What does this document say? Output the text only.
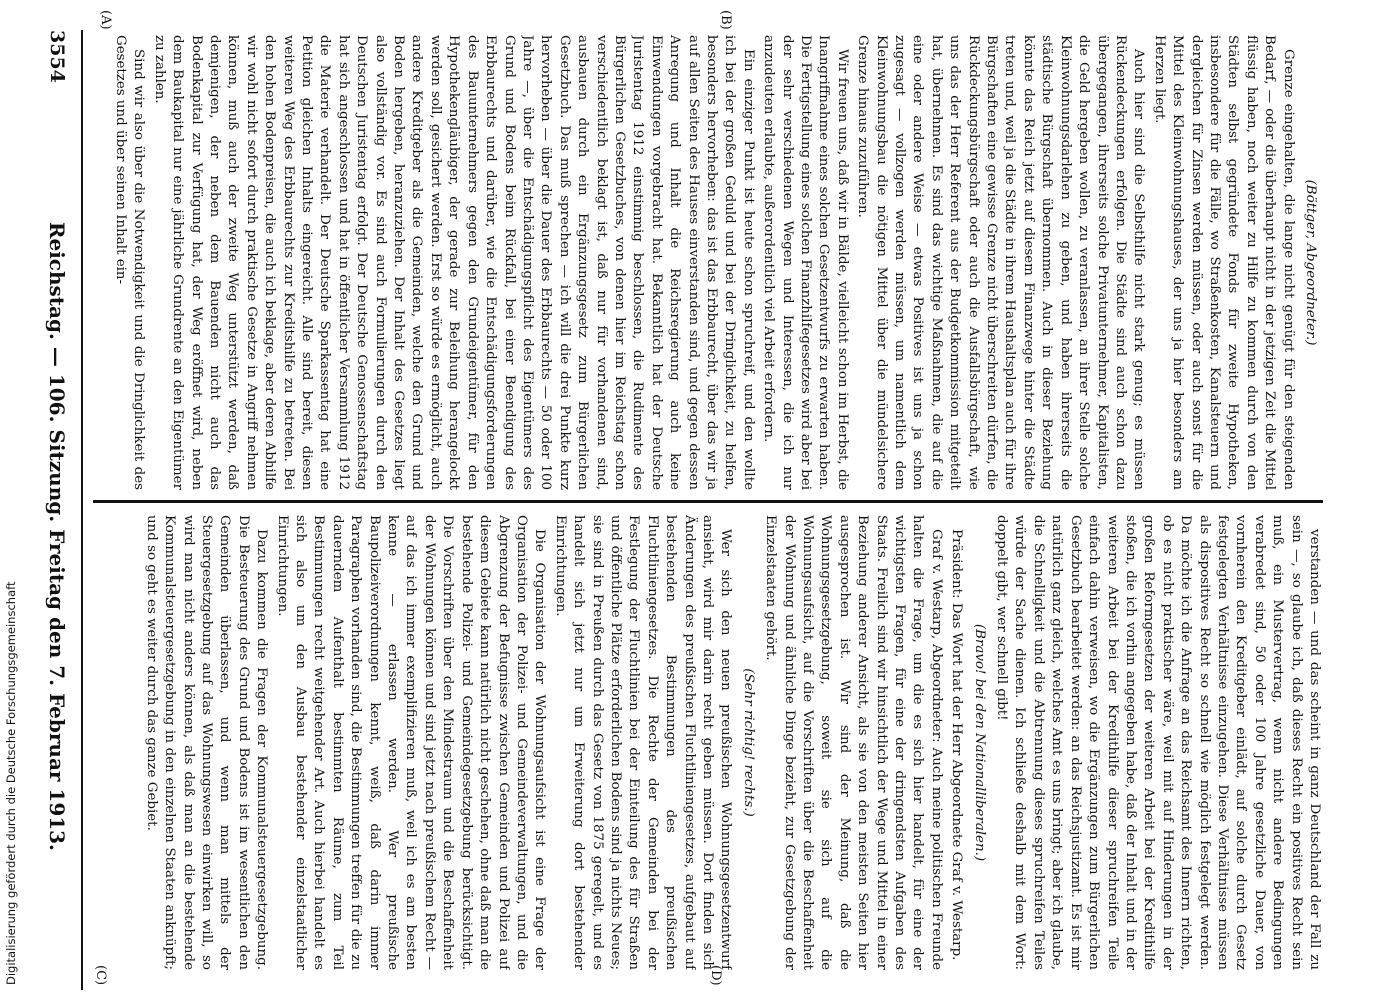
3554
Reichstag. — 106. Sitzung. Freitag den 7. Februar 1913.
(A)	(B)
(C)	(D)

(Böttger, Abgeordneter.)

Grenze eingehalten, die lange nicht genügt für den steigenden Bedarf, — oder die überhaupt nicht in der jetzigen Zeit die Mittel flüssig haben, noch weiter zu Hilfe zu kommen durch von den Städten selbst gegründete Fonds für zweite Hypotheken, insbesondere für die Fälle, wo Straßenkosten, Kanalsteuern und dergleichen für Zinsen werden müssen, oder auch sonst für die Mittel des Kleinwohnungshauses, der uns ja hier besonders am Herzen liegt.

Auch hier sind die Selbsthilfe nicht stark genug; es müssen Rückendeckungen erfolgen. Die Städte sind auch schon dazu übergegangen, ihrerseits solche Privatunternehmer, Kapitalisten, die Geld hergeben wollen, zu veranlassen, an ihrer Stelle solche Kleinwohnungsdarlehen zu geben, und haben ihrerseits die städtische Bürgschaft übernommen. Auch in dieser Beziehung könnte das Reich jetzt auf diesem Finanzwege hinter die Städte treten und, weil ja die Städte in ihrem Haushaltsplan auch für ihre Bürgschaften eine gewisse Grenze nicht überschreiten dürfen, die Rückdeckungsbürgschaft oder auch die Ausfallsbürgschaft, wie uns das der Herr Referent aus der Budgetkommission mitgeteilt hat, übernehmen. Es sind das wichtige Maßnahmen, die auf die eine oder andere Weise — etwas Positives ist uns ja schon zugesagt — vollzogen werden müssen, um namentlich dem Kleinwohnungsbau die nötigen Mittel über die mündelsichere Grenze hinaus zuzuführen.

Wir freuen uns, daß wir in Bälde, vielleicht schon im Herbst, die Inangriffnahme eines solchen Gesetzentwurfs zu erwarten haben. Die Fertigstellung eines solchen Finanzhilfegesetzes wird aber bei der sehr verschiedenen Wegen und Interessen, die ich nur anzudeuten erlaubte, außerordentlich viel Arbeit erfordern.

Ein einziger Punkt ist heute schon spruchreif, und den wollte ich bei der großen Geduld und bei der Dringlichkeit, zu helfen, besonders hervorheben: das ist das Erbbaurecht, über das wir ja auf allen Seiten des Hauses einverstanden sind, und gegen dessen Anregung und Inhalt die Reichsregierung auch keine Einwendungen vorgebracht hat. Bekanntlich hat der Deutsche Juristentag 1912 einstimmig beschlossen, die Rudimente des Bürgerlichen Gesetzbuches, von denen hier im Reichstag schon verschiedentlich beklagt ist, daß nur für vorhandenen sind, ausbauen durch ein Ergänzungsgesetz zum Bürgerlichen Gesetzbuch. Das muß sprechen — ich will die drei Punkte kurz hervorheben — über die Dauer des Erbbaurechts — 50 oder 100 Jahre —, über die Entschädigungspflicht des Eigentümers des Grund und Bodens beim Rückfall, bei einer Beendigung des Erbbaurechts und darüber, wie die Entschädigungsforderungen des Bauunternehmers gegen den Grundeigentümer, für den Hypothekengläubiger, der gerade zur Beleihung herangelockt werden soll, gesichert werden. Erst so würde es ermöglicht, auch andere Kreditgeber als die Gemeinden, welche den Grund und Boden hergeben, heranzuziehen. Der Inhalt des Gesetzes liegt also vollständig vor. Es sind auch Formulierungen durch den Deutschen Juristentag erfolgt. Der Deutsche Genossenschaftstag hat sich angeschlossen und hat in öffentlicher Versammlung 1912 die Materie verhandelt. Der Deutsche Sparkassentag hat eine Petition gleichen Inhalts eingereicht. Alle sind bereit, diesen weiteren Weg des Erbbaurechts zur Kreditshilfe zu betreten. Bei den hohen Bodenpreisen, die auch ich beklage, aber deren Abhilfe wir wohl nicht sofort durch praktische Gesetze in Angriff nehmen können, muß auch der zweite Weg unterstützt werden, daß demjenigen, der neben dem Bauenden nicht auch das Bodenkapital zur Verfügung hat, der Weg eröffnet wird, neben dem Baukapital nur eine jährliche Grundrente an den Eigentümer zu zahlen.

Sind wir also über die Notwendigkeit und die Dringlichkeit des Gesetzes und über seinen Inhalt ein-

verstanden — und das scheint in ganz Deutschland der Fall zu sein —, so glaube ich, daß dieses Recht ein positives Recht sein muß, ein Mustervertrag, wenn nicht andere Bedingungen verabredet sind, 50 oder 100 Jahre gesetzliche Dauer, von vornherein den Kreditgeber einlädt, auf solche durch Gesetz festgelegten Verhältnisse einzugehen. Diese Verhältnisse müssen als dispositives Recht so schnell wie möglich festgelegt werden. Da möchte ich die Anfrage an das Reichsamt des Innern richten, ob es nicht praktischer wäre, weil mit auf Hinderungen in der großen Reformgesetzen der weiteren Arbeit bei der Kredithilfe stoßen, die ich vorhin angegeben habe, daß der Inhalt und in der weiteren Arbeit bei der Kredithilfe dieser spruchreifen Teile einfach dahin verweisen, wo die Ergänzungen zum Bürgerlichen Gesetzbuch bearbeitet werden: an das Reichsjustizamt. Es ist mir natürlich ganz gleich, welches Amt es uns bringt; aber ich glaube, die Schnelligkeit und die Abtrennung dieses spruchreifen Teiles würde der Sache dienen. Ich schließe deshalb mit dem Wort: doppelt gibt, wer schnell gibt!

(Bravo! bei den Nationalliberalen.)

Präsident: Das Wort hat der Herr Abgeordnete Graf v. Westarp.

Graf v. Westarp, Abgeordneter: Auch meine politischen Freunde halten die Frage, um die es sich hier handelt, für eine der wichtigsten Fragen, für eine der dringendsten Aufgaben des Staats. Freilich sind wir hinsichtlich der Wege und Mittel in einer Beziehung anderer Ansicht, als sie von den meisten Seiten hier ausgesprochen ist. Wir sind der Meinung, daß die Wohnungsgesetzgebung, soweit sie sich auf die Wohnungsaufsicht, auf die Vorschriften über die Beschaffenheit der Wohnung und ähnliche Dinge bezieht, zur Gesetzgebung der Einzelstaaten gehört.

(Sehr richtig! rechts.)

Wer sich den neuen preußischen Wohnungsgesetzentwurf ansieht, wird mir darin recht geben müssen. Dort finden sich Änderungen des preußischen Fluchtliniengesetzes, aufgebaut auf bestehenden Bestimmungen des preußischen Fluchtliniengesetzes. Die Rechte der Gemeinden bei der Festlegung der Fluchtlinien bei der Einteilung des für Straßen und öffentliche Plätze erforderlichen Bodens sind ja nichts Neues; sie sind in Preußen durch das Gesetz von 1875 geregelt, und es handelt sich jetzt nur um Erweiterung dort bestehender Einrichtungen.

Die Organisation der Wohnungsaufsicht ist eine Frage der Organisation der Polizei- und Gemeindeverwaltungen, und die Abgrenzung der Befugnisse zwischen Gemeinden und Polizei auf diesem Gebiete kann natürlich nicht geschehen, ohne daß man die bestehende Polizei- und Gemeindegesetzgebung berücksichtigt. Die Vorschriften über den Mindestraum und die Beschaffenheit der Wohnungen können und sind jetzt nach preußischem Recht — auf das ich immer exemplifizieren muß, weil ich es am besten kenne — erlassen werden. Wer preußische Baupolizeiverordnungen kennt, weiß, daß darin immer Paragraphen vorhanden sind, die Bestimmungen treffen für die zu dauerndem Aufenthalt bestimmten Räume, zum Teil Bestimmungen recht weitgehender Art. Auch hierbei handelt es sich also um den Ausbau bestehender einzelstaatlicher Einrichtungen.

Dazu kommen die Fragen der Kommunalsteuergesetzgebung. Die Besteuerung des Grund und Bodens ist im wesentlichen den Gemeinden überlassen, und wenn man mittels der Steuergesetzgebung auf das Wohnungswesen einwirken will, so wird man nicht anders können, als daß man an die bestehende Kommunalsteuergesetzgebung in den einzelnen Staaten anknüpft; und so geht es weiter durch das ganze Gebiet.

Digitalisierung gefördert durch die Deutsche Forschungsgemeinschaft
